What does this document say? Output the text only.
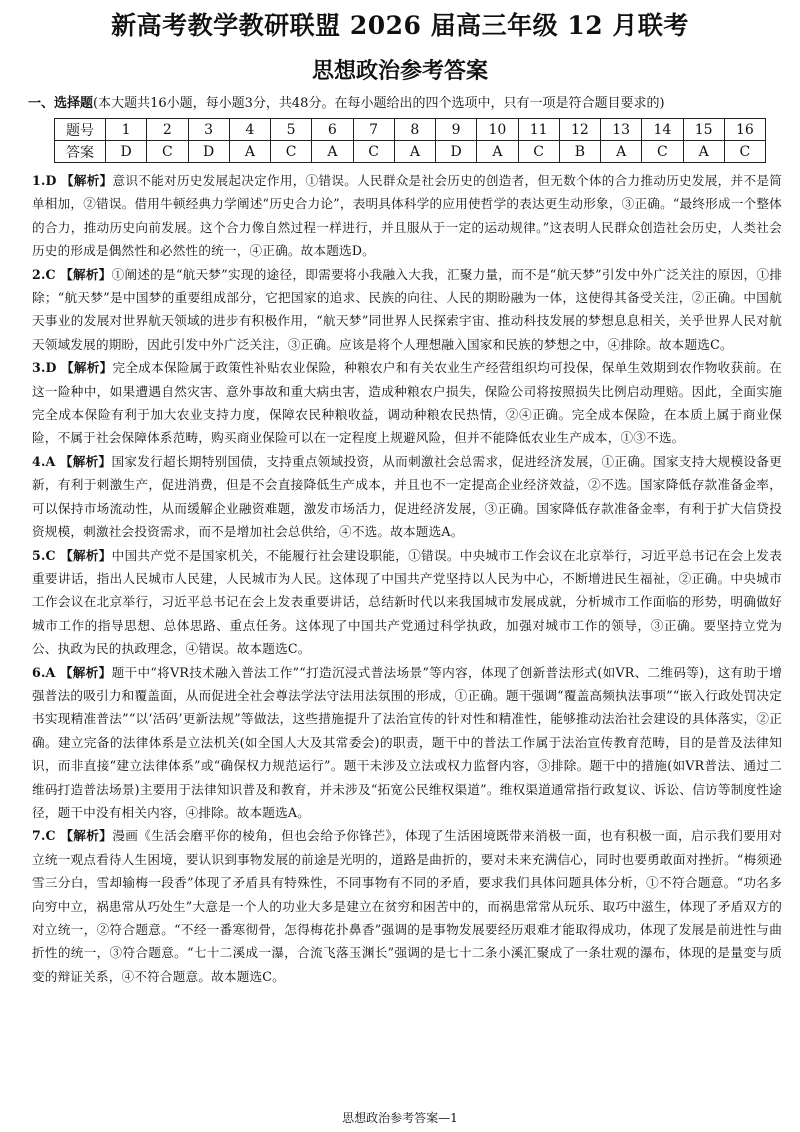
新高考教学教研联盟 2026 届高三年级 12 月联考
思想政治参考答案
一、选择题(本大题共16小题，每小题3分，共48分。在每小题给出的四个选项中，只有一项是符合题目要求的)
题号	1	2	3	4	5	6	7	8	9	10	11	12	13	14	15	16
答案	D	C	D	A	C	A	C	A	D	A	C	B	A	C	A	C

1.D 【解析】意识不能对历史发展起决定作用，①错误。人民群众是社会历史的创造者，但无数个体的合力推动历史发展，并不是简单相加，②错误。借用牛顿经典力学阐述“历史合力论”，表明具体科学的应用使哲学的表达更生动形象，③正确。“最终形成一个整体的合力，推动历史向前发展。这个合力像自然过程一样进行，并且服从于一定的运动规律。”这表明人民群众创造社会历史，人类社会历史的形成是偶然性和必然性的统一，④正确。故本题选D。

2.C 【解析】①阐述的是“航天梦”实现的途径，即需要将小我融入大我，汇聚力量，而不是“航天梦”引发中外广泛关注的原因，①排除；“航天梦”是中国梦的重要组成部分，它把国家的追求、民族的向往、人民的期盼融为一体，这使得其备受关注，②正确。中国航天事业的发展对世界航天领域的进步有积极作用，“航天梦”同世界人民探索宇宙、推动科技发展的梦想息息相关，关乎世界人民对航天领域发展的期盼，因此引发中外广泛关注，③正确。应该是将个人理想融入国家和民族的梦想之中，④排除。故本题选C。

3.D 【解析】完全成本保险属于政策性补贴农业保险，种粮农户和有关农业生产经营组织均可投保，保单生效期到农作物收获前。在这一险种中，如果遭遇自然灾害、意外事故和重大病虫害，造成种粮农户损失，保险公司将按照损失比例启动理赔。因此，全面实施完全成本保险有利于加大农业支持力度，保障农民种粮收益，调动种粮农民热情，②④正确。完全成本保险，在本质上属于商业保险，不属于社会保障体系范畴，购买商业保险可以在一定程度上规避风险，但并不能降低农业生产成本，①③不选。

4.A 【解析】国家发行超长期特别国债，支持重点领域投资，从而刺激社会总需求，促进经济发展，①正确。国家支持大规模设备更新，有利于刺激生产，促进消费，但是不会直接降低生产成本，并且也不一定提高企业经济效益，②不选。国家降低存款准备金率，可以保持市场流动性，从而缓解企业融资难题，激发市场活力，促进经济发展，③正确。国家降低存款准备金率，有利于扩大信贷投资规模，刺激社会投资需求，而不是增加社会总供给，④不选。故本题选A。

5.C 【解析】中国共产党不是国家机关，不能履行社会建设职能，①错误。中央城市工作会议在北京举行，习近平总书记在会上发表重要讲话，指出人民城市人民建，人民城市为人民。这体现了中国共产党坚持以人民为中心，不断增进民生福祉，②正确。中央城市工作会议在北京举行，习近平总书记在会上发表重要讲话，总结新时代以来我国城市发展成就，分析城市工作面临的形势，明确做好城市工作的指导思想、总体思路、重点任务。这体现了中国共产党通过科学执政，加强对城市工作的领导，③正确。要坚持立党为公、执政为民的执政理念，④错误。故本题选C。

6.A 【解析】题干中“将VR技术融入普法工作”“打造沉浸式普法场景”等内容，体现了创新普法形式(如VR、二维码等)，这有助于增强普法的吸引力和覆盖面，从而促进全社会尊法学法守法用法氛围的形成，①正确。题干强调“覆盖高频执法事项”“嵌入行政处罚决定书实现精准普法”“以‘活码’更新法规”等做法，这些措施提升了法治宣传的针对性和精准性，能够推动法治社会建设的具体落实，②正确。建立完备的法律体系是立法机关(如全国人大及其常委会)的职责，题干中的普法工作属于法治宣传教育范畴，目的是普及法律知识，而非直接“建立法律体系”或“确保权力规范运行”。题干未涉及立法或权力监督内容，③排除。题干中的措施(如VR普法、通过二维码打造普法场景)主要用于法律知识普及和教育，并未涉及“拓宽公民维权渠道”。维权渠道通常指行政复议、诉讼、信访等制度性途径，题干中没有相关内容，④排除。故本题选A。

7.C 【解析】漫画《生活会磨平你的棱角，但也会给予你锋芒》，体现了生活困境既带来消极一面，也有积极一面，启示我们要用对立统一观点看待人生困境，要认识到事物发展的前途是光明的，道路是曲折的，要对未来充满信心，同时也要勇敢面对挫折。“梅须逊雪三分白，雪却输梅一段香”体现了矛盾具有特殊性，不同事物有不同的矛盾，要求我们具体问题具体分析，①不符合题意。“功名多向穷中立，祸患常从巧处生”大意是一个人的功业大多是建立在贫穷和困苦中的，而祸患常常从玩乐、取巧中滋生，体现了矛盾双方的对立统一，②符合题意。“不经一番寒彻骨，怎得梅花扑鼻香”强调的是事物发展要经历艰难才能取得成功，体现了发展是前进性与曲折性的统一，③符合题意。“七十二溪成一瀑，合流飞落玉渊长”强调的是七十二条小溪汇聚成了一条壮观的瀑布，体现的是量变与质变的辩证关系，④不符合题意。故本题选C。

思想政治参考答案—1
